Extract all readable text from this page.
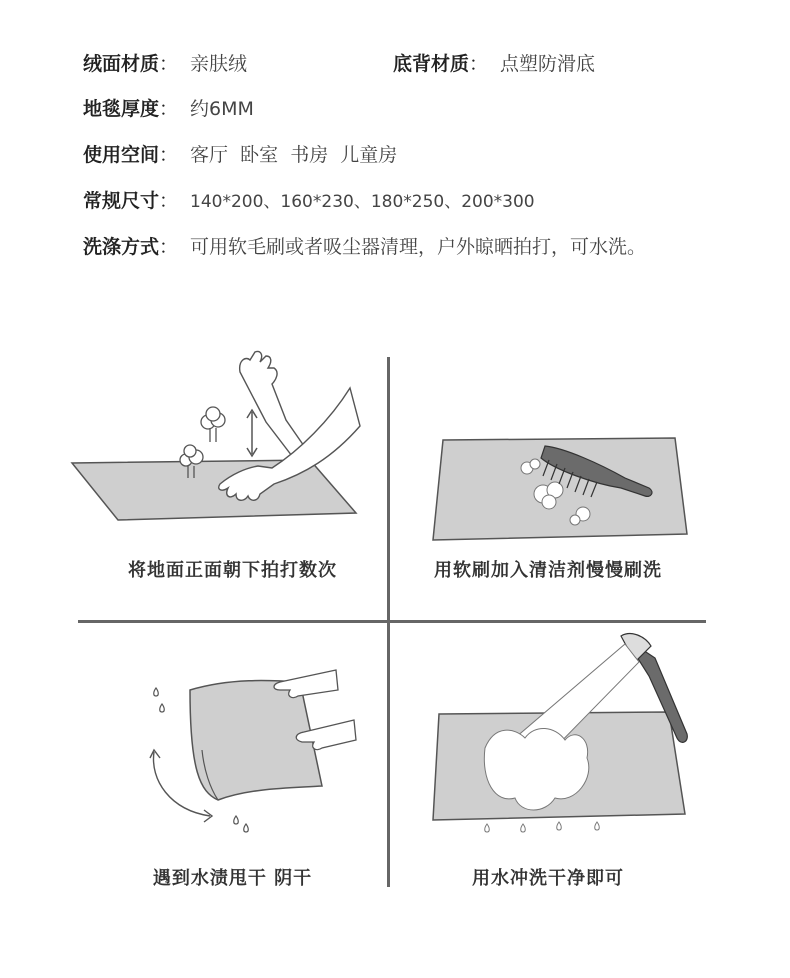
绒面材质： 亲肤绒	底背材质： 点塑防滑底
地毯厚度： 约6MM
使用空间： 客厅  卧室  书房  儿童房
常规尺寸： 140*200、160*230、180*250、200*300
洗涤方式： 可用软毛刷或者吸尘器清理，户外晾晒拍打，可水洗。
将地面正面朝下拍打数次	用软刷加入清洁剂慢慢刷洗
遇到水渍甩干 阴干	用水冲洗干净即可
